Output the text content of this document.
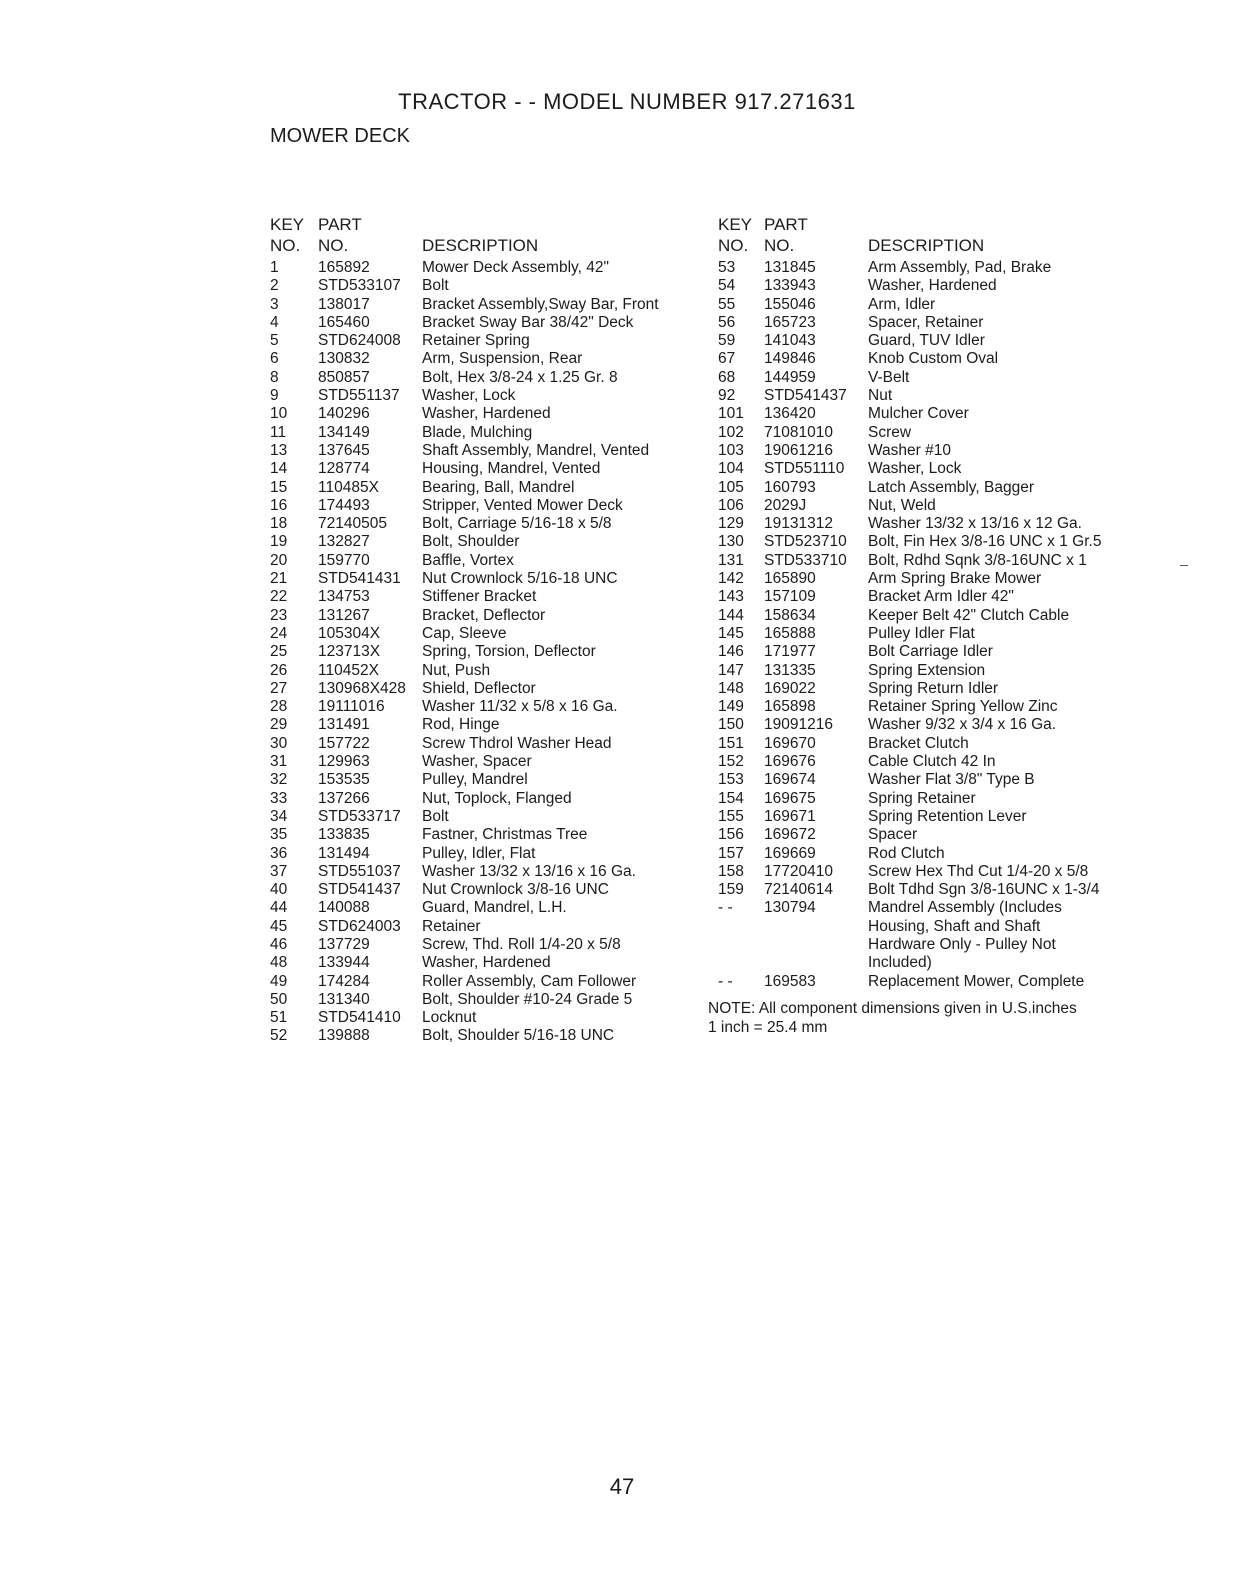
TRACTOR - - MODEL NUMBER 917.271631
MOWER DECK
KEY
NO.
PART
NO.	DESCRIPTION
1	165892	Mower Deck Assembly, 42"
2	STD533107 Bolt
3	138017	Bracket Assembly,Sway Bar, Front
4	165460	Bracket Sway Bar 38/42" Deck
5	STD624008 Retainer Spring
6	130832	Arm, Suspension, Rear
8	850857	Bolt, Hex 3/8-24 x 1.25 Gr. 8
9	STD551137 Washer, Lock
10 140296	Washer, Hardened
11 134149	Blade, Mulching
13 137645	Shaft Assembly, Mandrel, Vented
14 128774	Housing, Mandrel, Vented
15 110485X	Bearing, Ball, Mandrel
16 174493	Stripper, Vented Mower Deck
18 72140505 Bolt, Carriage 5/16-18 x 5/8
19 132827	Bolt, Shoulder
20 159770	Baffle, Vortex
21 STD541431 Nut Crownlock 5/16-18 UNC
22 134753	Stiffener Bracket
23 131267	Bracket, Deflector
24 105304X	Cap, Sleeve
25 123713X	Spring, Torsion, Deflector
26 110452X	Nut, Push
27 130968X428 Shield, Deflector
28 19111016 Washer 11/32 x 5/8 x 16 Ga.
29 131491	Rod, Hinge
30 157722	Screw Thdrol Washer Head
31 129963	Washer, Spacer
32 153535	Pulley, Mandrel
33 137266	Nut, Toplock, Flanged
34 STD533717 Bolt
35 133835	Fastner, Christmas Tree
36 131494	Pulley, Idler, Flat
37 STD551037 Washer 13/32 x 13/16 x 16 Ga.
40 STD541437 Nut Crownlock 3/8-16 UNC
44 140088	Guard, Mandrel, L.H.
45 STD624003 Retainer
46 137729	Screw, Thd. Roll 1/4-20 x 5/8
48 133944	Washer, Hardened
49 174284	Roller Assembly, Cam Follower
50 131340	Bolt, Shoulder #10-24 Grade 5
51 STD541410 Locknut
52 139888	Bolt, Shoulder 5/16-18 UNC
KEY
NO.
PART
NO.	DESCRIPTION
53 131845	Arm Assembly, Pad, Brake
54 133943	Washer, Hardened
55 155046	Arm, Idler
56 165723	Spacer, Retainer
59 141043	Guard, TUV Idler
67 149846	Knob Custom Oval
68 144959	V-Belt
92 STD541437 Nut
101 136420	Mulcher Cover
102 71081010 Screw
103 19061216 Washer #10
104 STD551110 Washer, Lock
105 160793	Latch Assembly, Bagger
106 2029J	Nut, Weld
129 19131312 Washer 13/32 x 13/16 x 12 Ga.
130 STD523710 Bolt, Fin Hex 3/8-16 UNC x 1 Gr.5
131 STD533710 Bolt, Rdhd Sqnk 3/8-16UNC x 1
142 165890	Arm Spring Brake Mower
143 157109	Bracket Arm Idler 42"
144 158634	Keeper Belt 42" Clutch Cable
145 165888	Pulley Idler Flat
146 171977	Bolt Carriage Idler
147 131335	Spring Extension
148 169022	Spring Return Idler
149 165898	Retainer Spring Yellow Zinc
150 19091216 Washer 9/32 x 3/4 x 16 Ga.
151 169670	Bracket Clutch
152 169676	Cable Clutch 42 In
153 169674	Washer Flat 3/8" Type B
154 169675	Spring Retainer
155 169671	Spring Retention Lever
156 169672	Spacer
157 169669	Rod Clutch
158 17720410 Screw Hex Thd Cut 1/4-20 x 5/8
159 72140614 Bolt Tdhd Sgn 3/8-16UNC x 1-3/4
- - 130794	Mandrel Assembly (Includes
Housing, Shaft and Shaft
Hardware Only - Pulley Not
Included)
- - 169583	Replacement Mower, Complete
NOTE: All component dimensions given in U.S.inches
1 inch = 25.4 mm
47
